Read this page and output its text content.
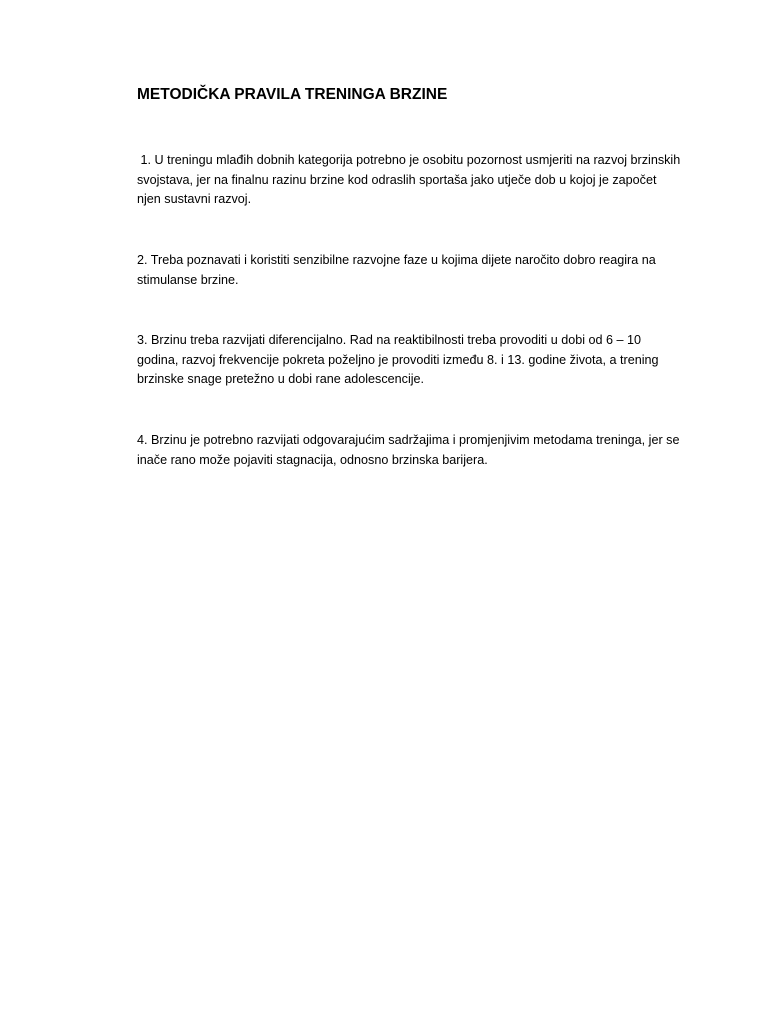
METODIČKA PRAVILA TRENINGA BRZINE

1. U treningu mlađih dobnih kategorija potrebno je osobitu pozornost usmjeriti na razvoj brzinskih svojstava, jer na finalnu razinu brzine kod odraslih sportaša jako utječe dob u kojoj je započet njen sustavni razvoj.

2. Treba poznavati i koristiti senzibilne razvojne faze u kojima dijete naročito dobro reagira na stimulanse brzine.

3. Brzinu treba razvijati diferencijalno. Rad na reaktibilnosti treba provoditi u dobi od 6 – 10 godina, razvoj frekvencije pokreta poželjno je provoditi između 8. i 13. godine života, a trening brzinske snage pretežno u dobi rane adolescencije.

4. Brzinu je potrebno razvijati odgovarajućim sadržajima i promjenjivim metodama treninga, jer se inače rano može pojaviti stagnacija, odnosno brzinska barijera.
